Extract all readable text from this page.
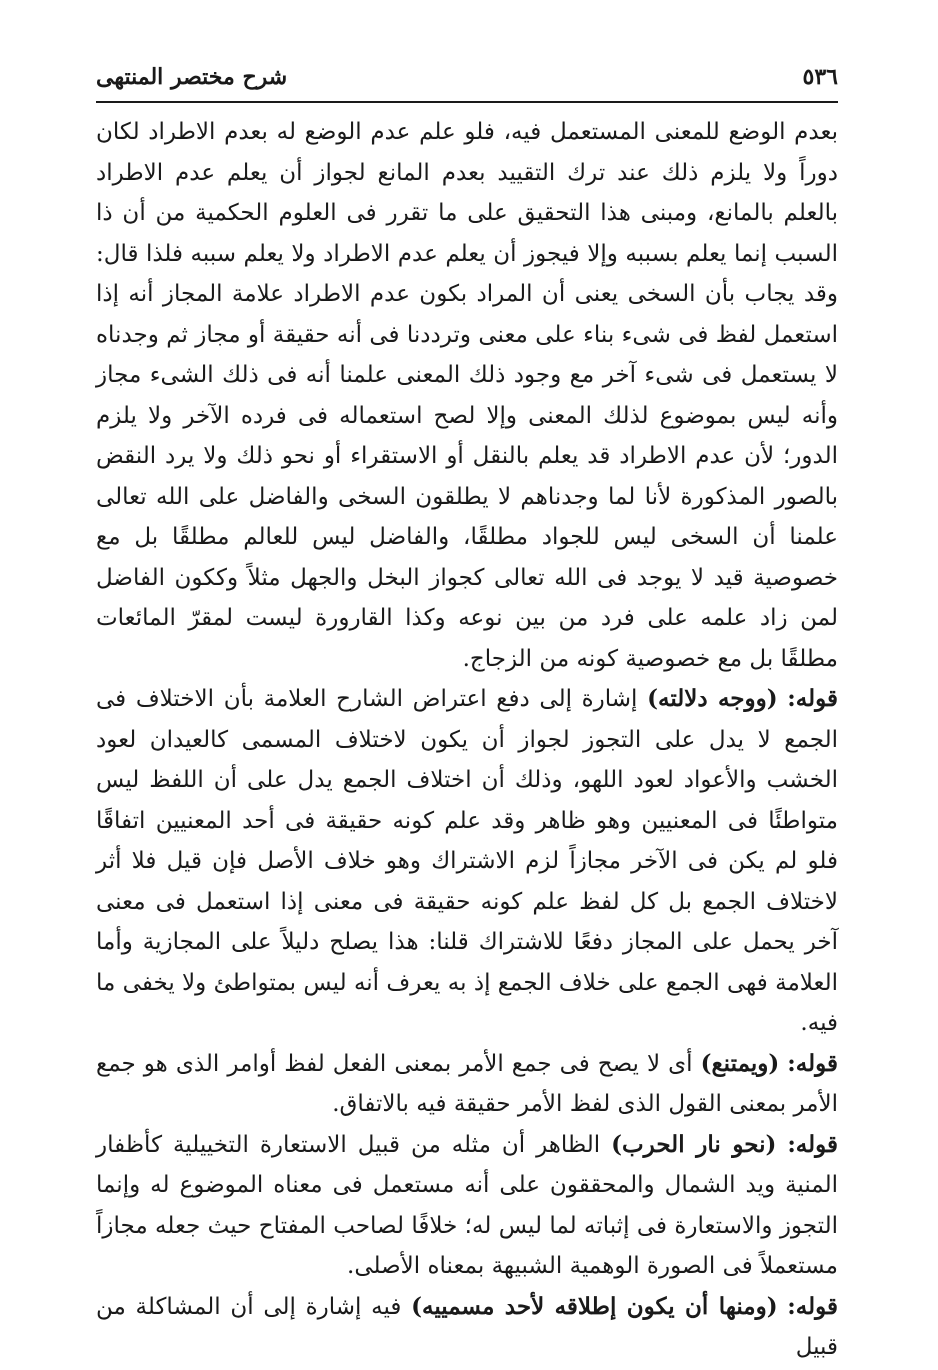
٥٣٦
شرح مختصر المنتهى

بعدم الوضع للمعنى المستعمل فيه، فلو علم عدم الوضع له بعدم الاطراد لكان دوراً ولا يلزم ذلك عند ترك التقييد بعدم المانع لجواز أن يعلم عدم الاطراد بالعلم بالمانع، ومبنى هذا التحقيق على ما تقرر فى العلوم الحكمية من أن ذا السبب إنما يعلم بسببه وإلا فيجوز أن يعلم عدم الاطراد ولا يعلم سببه فلذا قال: وقد يجاب بأن السخى يعنى أن المراد بكون عدم الاطراد علامة المجاز أنه إذا استعمل لفظ فى شىء بناء على معنى وترددنا فى أنه حقيقة أو مجاز ثم وجدناه لا يستعمل فى شىء آخر مع وجود ذلك المعنى علمنا أنه فى ذلك الشىء مجاز وأنه ليس بموضوع لذلك المعنى وإلا لصح استعماله فى فرده الآخر ولا يلزم الدور؛ لأن عدم الاطراد قد يعلم بالنقل أو الاستقراء أو نحو ذلك ولا يرد النقض بالصور المذكورة لأنا لما وجدناهم لا يطلقون السخى والفاضل على الله تعالى علمنا أن السخى ليس للجواد مطلقًا، والفاضل ليس للعالم مطلقًا بل مع خصوصية قيد لا يوجد فى الله تعالى كجواز البخل والجهل مثلاً وككون الفاضل لمن زاد علمه على فرد من بين نوعه وكذا القارورة ليست لمقرّ المائعات مطلقًا بل مع خصوصية كونه من الزجاج.

قوله: (ووجه دلالته) إشارة إلى دفع اعتراض الشارح العلامة بأن الاختلاف فى الجمع لا يدل على التجوز لجواز أن يكون لاختلاف المسمى كالعيدان لعود الخشب والأعواد لعود اللهو، وذلك أن اختلاف الجمع يدل على أن اللفظ ليس متواطئًا فى المعنيين وهو ظاهر وقد علم كونه حقيقة فى أحد المعنيين اتفاقًا فلو لم يكن فى الآخر مجازاً لزم الاشتراك وهو خلاف الأصل فإن قيل فلا أثر لاختلاف الجمع بل كل لفظ علم كونه حقيقة فى معنى إذا استعمل فى معنى آخر يحمل على المجاز دفعًا للاشتراك قلنا: هذا يصلح دليلاً على المجازية وأما العلامة فهى الجمع على خلاف الجمع إذ به يعرف أنه ليس بمتواطئ ولا يخفى ما فيه.

قوله: (ويمتنع) أى لا يصح فى جمع الأمر بمعنى الفعل لفظ أوامر الذى هو جمع الأمر بمعنى القول الذى لفظ الأمر حقيقة فيه بالاتفاق.

قوله: (نحو نار الحرب) الظاهر أن مثله من قبيل الاستعارة التخييلية كأظفار المنية ويد الشمال والمحققون على أنه مستعمل فى معناه الموضوع له وإنما التجوز والاستعارة فى إثباته لما ليس له؛ خلافًا لصاحب المفتاح حيث جعله مجازاً مستعملاً فى الصورة الوهمية الشبيهة بمعناه الأصلى.

قوله: (ومنها أن يكون إطلاقه لأحد مسمييه) فيه إشارة إلى أن المشاكلة من قبيل
